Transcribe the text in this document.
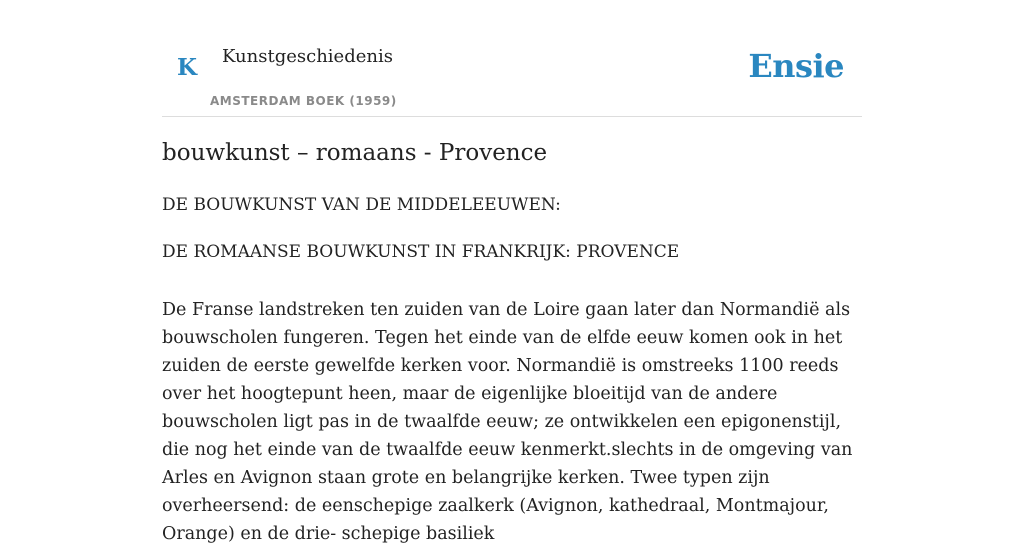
K Kunstgeschiedenis
AMSTERDAM BOEK (1959)
Ensie
bouwkunst – romaans - Provence

DE BOUWKUNST VAN DE MIDDELEEUWEN:

DE ROMAANSE BOUWKUNST IN FRANKRIJK: PROVENCE

De Franse landstreken ten zuiden van de Loire gaan later dan Normandië als bouwscholen fungeren. Tegen het einde van de elfde eeuw komen ook in het zuiden de eerste gewelfde kerken voor. Normandië is omstreeks 1100 reeds over het hoogtepunt heen, maar de eigenlijke bloeitijd van de andere bouwscholen ligt pas in de twaalfde eeuw; ze ontwikkelen een epigonenstijl, die nog het einde van de twaalfde eeuw kenmerkt.slechts in de omgeving van Arles en Avignon staan grote en belangrijke kerken. Twee typen zijn overheersend: de eenschepige zaalkerk (Avignon, kathedraal, Montmajour, Orange) en de drie- schepige basiliek
